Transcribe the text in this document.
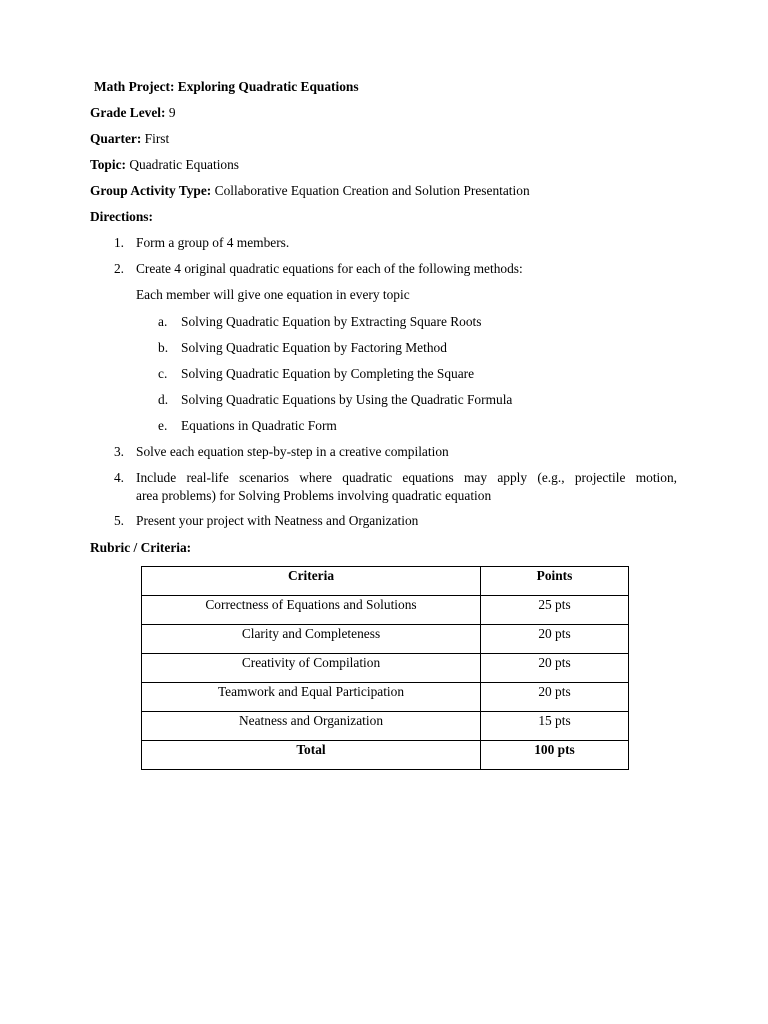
Math Project: Exploring Quadratic Equations
Grade Level: 9
Quarter: First
Topic: Quadratic Equations
Group Activity Type: Collaborative Equation Creation and Solution Presentation
Directions:
1. Form a group of 4 members.
2. Create 4 original quadratic equations for each of the following methods:
Each member will give one equation in every topic
a. Solving Quadratic Equation by Extracting Square Roots
b. Solving Quadratic Equation by Factoring Method
c. Solving Quadratic Equation by Completing the Square
d. Solving Quadratic Equations by Using the Quadratic Formula
e. Equations in Quadratic Form
3. Solve each equation step-by-step in a creative compilation
4. Include real-life scenarios where quadratic equations may apply (e.g., projectile motion,
area problems) for Solving Problems involving quadratic equation
5. Present your project with Neatness and Organization
Rubric / Criteria:
Criteria	Points
Correctness of Equations and Solutions	25 pts
Clarity and Completeness	20 pts
Creativity of Compilation	20 pts
Teamwork and Equal Participation	20 pts
Neatness and Organization	15 pts
Total	100 pts
